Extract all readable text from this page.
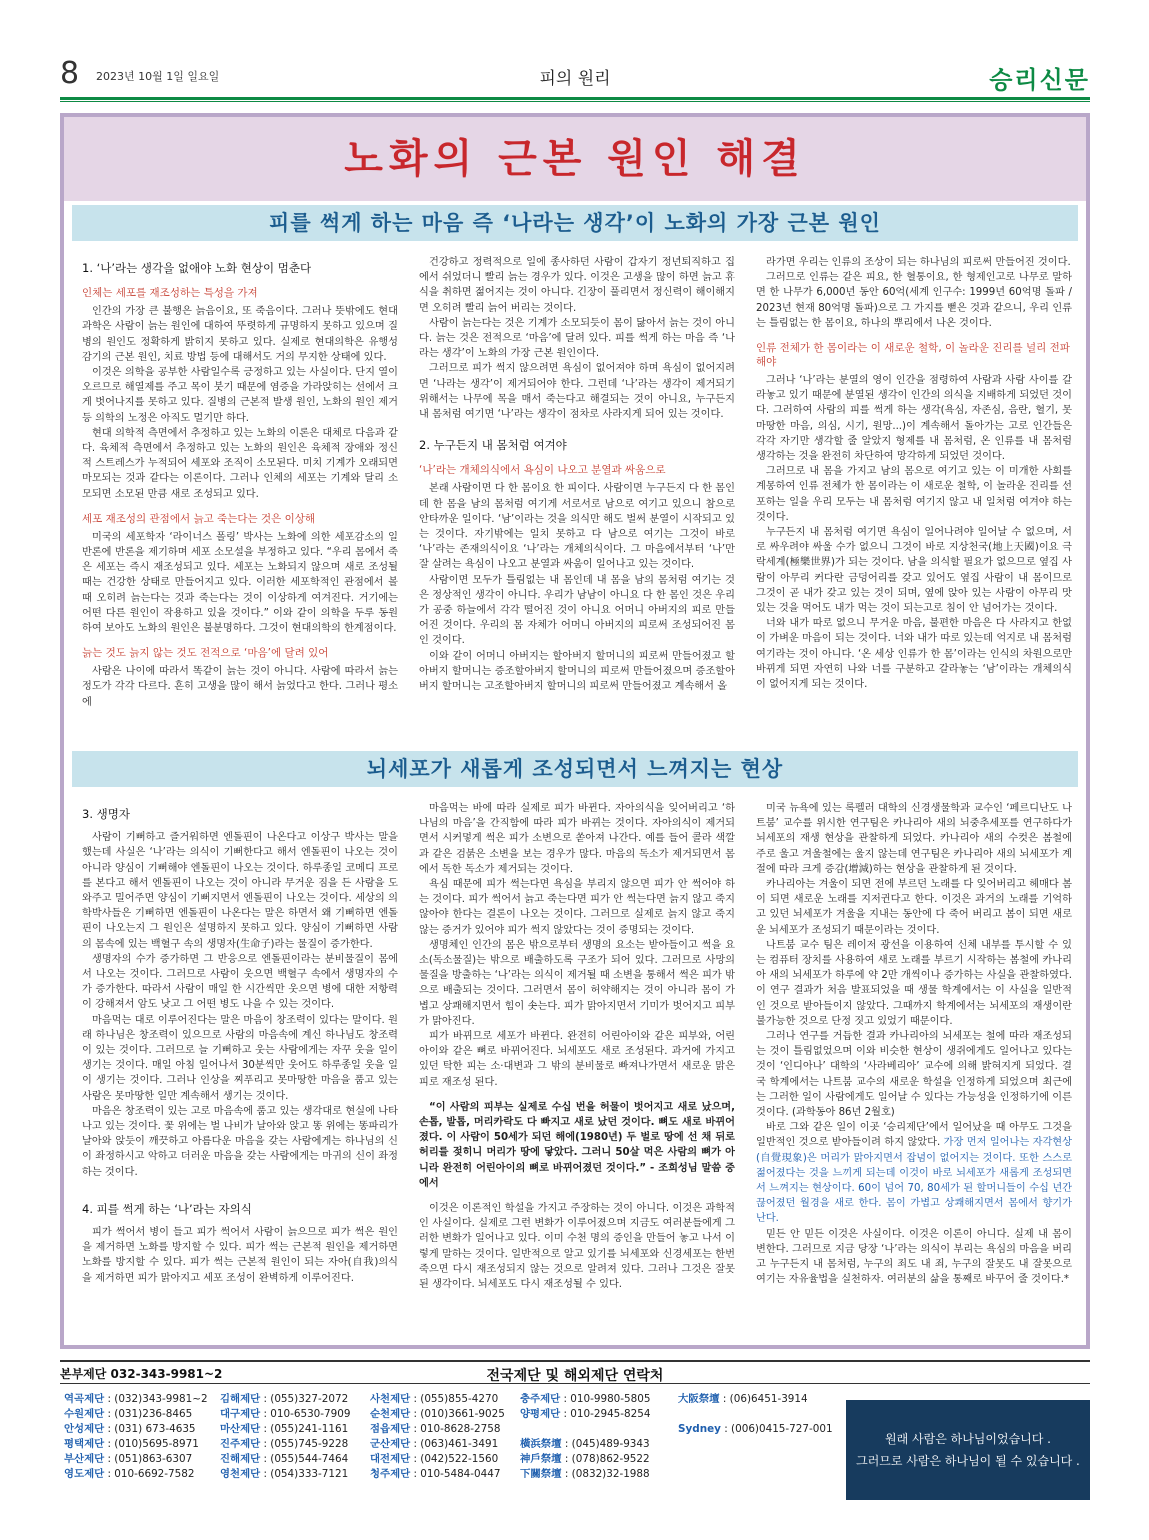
8 2023년 10월 1일 일요일	피의 원리	승리신문
노화의 근본 원인 해결
피를 썩게 하는 마음 즉 ‘나라는 생각’이 노화의 가장 근본 원인
1. ‘나’라는 생각을 없애야 노화 현상이 멈춘다
인체는 세포를 재조성하는 특성을 가져

인간의 가장 큰 불행은 늙음이요, 또 죽음이다. 그러나 뜻밖에도 현대 과학은 사람이 늙는 원인에 대하여 뚜렷하게 규명하지 못하고 있으며 질병의 원인도 정확하게 밝히지 못하고 있다. 실제로 현대의학은 유행성 감기의 근본 원인, 치료 방법 등에 대해서도 거의 무지한 상태에 있다.

이것은 의학을 공부한 사람일수록 긍정하고 있는 사실이다. 단지 열이 오르므로 해열제를 주고 목이 붓기 때문에 염증을 가라앉히는 선에서 크게 벗어나지를 못하고 있다. 질병의 근본적 발생 원인, 노화의 원인 제거 등 의학의 노정은 아직도 멀기만 하다.

현대 의학적 측면에서 추정하고 있는 노화의 이론은 대체로 다음과 같다. 육체적 측면에서 추정하고 있는 노화의 원인은 육체적 장애와 정신적 스트레스가 누적되어 세포와 조직이 소모된다. 미치 기계가 오래되면 마모되는 것과 같다는 이론이다. 그러나 인체의 세포는 기계와 달리 소모되면 소모된 만큼 새로 조성되고 있다.

세포 재조성의 관점에서 늙고 죽는다는 것은 이상해

미국의 세포학자 ‘라이너스 폴링’ 박사는 노화에 의한 세포감소의 일반론에 반론을 제기하며 세포 소모설을 부정하고 있다. “우리 몸에서 죽은 세포는 즉시 재조성되고 있다. 세포는 노화되지 않으며 새로 조성될 때는 건강한 상태로 만들어지고 있다. 이러한 세포학적인 관점에서 볼 때 오히려 늙는다는 것과 죽는다는 것이 이상하게 여겨진다. 거기에는 어떤 다른 원인이 작용하고 있을 것이다.” 이와 같이 의학을 두루 동원하여 보아도 노화의 원인은 불분명하다. 그것이 현대의학의 한계점이다.

늙는 것도 늙지 않는 것도 전적으로 ‘마음’에 달려 있어

사람은 나이에 따라서 똑같이 늙는 것이 아니다. 사람에 따라서 늙는 정도가 각각 다르다. 흔히 고생을 많이 해서 늙었다고 한다. 그러나 평소에

건강하고 정력적으로 일에 종사하던 사람이 갑자기 정년퇴직하고 집에서 쉬었더니 빨리 늙는 경우가 있다. 이것은 고생을 많이 하면 늙고 휴식을 취하면 젊어지는 것이 아니다. 긴장이 풀리면서 정신력이 해이해지면 오히려 빨리 늙어 버리는 것이다.

사람이 늙는다는 것은 기계가 소모되듯이 몸이 닳아서 늙는 것이 아니다. 늙는 것은 전적으로 ‘마음’에 달려 있다. 피를 썩게 하는 마음 즉 ‘나라는 생각’이 노화의 가장 근본 원인이다.

그러므로 피가 썩지 않으려면 욕심이 없어져야 하며 욕심이 없어지려면 ‘나라는 생각’이 제거되어야 한다. 그런데 ‘나’라는 생각이 제거되기 위해서는 나무에 목을 매서 죽는다고 해결되는 것이 아니요, 누구든지 내 몸처럼 여기면 ‘나’라는 생각이 점차로 사라지게 되어 있는 것이다.

2. 누구든지 내 몸처럼 여겨야
‘나’라는 개체의식에서 욕심이 나오고 분열과 싸움으로

본래 사람이면 다 한 몸이요 한 피이다. 사람이면 누구든지 다 한 몸인데 한 몸을 남의 몸처럼 여기게 서로서로 남으로 여기고 있으니 참으로 안타까운 일이다. ‘남’이라는 것을 의식만 해도 벌써 분열이 시작되고 있는 것이다. 자기밖에는 일치 못하고 다 남으로 여기는 그것이 바로 ‘나’라는 존재의식이요 ‘나’라는 개체의식이다. 그 마음에서부터 ‘나’만 잘 살려는 욕심이 나오고 분열과 싸움이 일어나고 있는 것이다.

사람이면 모두가 틀림없는 내 몸인데 내 몸을 남의 몸처럼 여기는 것은 정상적인 생각이 아니다. 우리가 남남이 아니요 다 한 몸인 것은 우리가 공중 하늘에서 각각 떨어진 것이 아니요 어머니 아버지의 피로 만들어진 것이다. 우리의 몸 자체가 어머니 아버지의 피로써 조성되어진 몸인 것이다.

이와 같이 어머니 아버지는 할아버지 할머니의 피로써 만들어졌고 할아버지 할머니는 증조할아버지 할머니의 피로써 만들어졌으며 증조할아버지 할머니는 고조할아버지 할머니의 피로써 만들어졌고 계속해서 올

라가면 우리는 인류의 조상이 되는 하나님의 피로써 만들어진 것이다.

그러므로 인류는 같은 피요, 한 혈통이요, 한 형제인고로 나무로 말하면 한 나무가 6,000년 동안 60억(세계 인구수: 1999년 60억명 돌파 / 2023년 현재 80억명 돌파)으로 그 가지를 뻗은 것과 같으니, 우리 인류는 틀림없는 한 몸이요, 하나의 뿌리에서 나온 것이다.

인류 전체가 한 몸이라는 이 새로운 철학, 이 놀라운 진리를 널리 전파해야

그러나 ‘나’라는 분열의 영이 인간을 점령하여 사람과 사람 사이를 갈라놓고 있기 때문에 분열된 생각이 인간의 의식을 지배하게 되었던 것이다. 그러하여 사람의 피를 썩게 하는 생각(욕심, 자존심, 음란, 혈기, 못마땅한 마음, 의심, 시기, 원망...)이 계속해서 돌아가는 고로 인간들은 각각 자기만 생각할 줄 알았지 형제를 내 몸처럼, 온 인류를 내 몸처럼 생각하는 것을 완전히 차단하여 망각하게 되었던 것이다.

그러므로 내 몸을 가지고 남의 몸으로 여기고 있는 이 미개한 사회를 계몽하여 인류 전체가 한 몸이라는 이 새로운 철학, 이 놀라운 진리를 선포하는 일을 우리 모두는 내 몸처럼 여기지 않고 내 일처럼 여겨야 하는 것이다.

누구든지 내 몸처럼 여기면 욕심이 일어나려야 일어날 수 없으며, 서로 싸우려야 싸울 수가 없으니 그것이 바로 지상천국(地上天國)이요 극락세계(極樂世界)가 되는 것이다. 남을 의식할 필요가 없으므로 옆집 사람이 아무리 커다란 금덩어리를 갖고 있어도 옆집 사람이 내 몸이므로 그것이 곧 내가 갖고 있는 것이 되며, 옆에 앉아 있는 사람이 아무리 맛있는 것을 먹어도 내가 먹는 것이 되는고로 침이 안 넘어가는 것이다.

너와 내가 따로 없으니 무거운 마음, 불편한 마음은 다 사라지고 한없이 가벼운 마음이 되는 것이다. 너와 내가 따로 있는데 억지로 내 몸처럼 여기라는 것이 아니다. ‘온 세상 인류가 한 몸’이라는 인식의 차원으로만 바뀌게 되면 자연히 나와 너를 구분하고 갈라놓는 ‘남’이라는 개체의식이 없어지게 되는 것이다.

뇌세포가 새롭게 조성되면서 느껴지는 현상
3. 생명자

사람이 기뻐하고 즐거워하면 엔돌핀이 나온다고 이상구 박사는 말을 했는데 사실은 ‘나’라는 의식이 기뻐한다고 해서 엔돌핀이 나오는 것이 아니라 양심이 기뻐해야 엔돌핀이 나오는 것이다. 하루종일 코메디 프로를 본다고 해서 엔돌핀이 나오는 것이 아니라 무거운 짐을 든 사람을 도와주고 밀어주면 양심이 기뻐지면서 엔돌핀이 나오는 것이다. 세상의 의학박사들은 기뻐하면 엔돌핀이 나온다는 말은 하면서 왜 기뻐하면 엔돌핀이 나오는지 그 원인은 설명하지 못하고 있다. 양심이 기뻐하면 사람의 몸속에 있는 백혈구 속의 생명자(生命子)라는 물질이 증가한다.

생명자의 수가 증가하면 그 반응으로 엔돌핀이라는 분비물질이 몸에서 나오는 것이다. 그러므로 사람이 웃으면 백혈구 속에서 생명자의 수가 증가한다. 따라서 사람이 매일 한 시간씩만 웃으면 병에 대한 저항력이 강해져서 암도 낫고 그 어떤 병도 나을 수 있는 것이다.

마음먹는 대로 이루어진다는 말은 마음이 창조력이 있다는 말이다. 원래 하나님은 창조력이 있으므로 사람의 마음속에 계신 하나님도 창조력이 있는 것이다. 그러므로 늘 기뻐하고 웃는 사람에게는 자꾸 웃을 일이 생기는 것이다. 매일 아침 일어나서 30분씩만 웃어도 하루종일 웃을 일이 생기는 것이다. 그러나 인상을 찌푸리고 못마땅한 마음을 품고 있는 사람은 못마땅한 일만 계속해서 생기는 것이다.

마음은 창조력이 있는 고로 마음속에 품고 있는 생각대로 현실에 나타나고 있는 것이다. 꽃 위에는 벌 나비가 날아와 앉고 똥 위에는 똥파리가 날아와 앉듯이 깨끗하고 아름다운 마음을 갖는 사람에게는 하나님의 신이 좌정하시고 악하고 더러운 마음을 갖는 사람에게는 마귀의 신이 좌정하는 것이다.

4. 피를 썩게 하는 ‘나’라는 자의식

피가 썩어서 병이 들고 피가 썩어서 사람이 늙으므로 피가 썩은 원인을 제거하면 노화를 방지할 수 있다. 피가 썩는 근본적 원인을 제거하면 노화를 방지할 수 있다. 피가 썩는 근본적 원인이 되는 자아(自我)의식을 제거하면 피가 맑아지고 세포 조성이 완벽하게 이루어진다.

마음먹는 바에 따라 실제로 피가 바뀐다. 자아의식을 잊어버리고 ‘하나님의 마음’을 간직함에 따라 피가 바뀌는 것이다. 자아의식이 제거되면서 시커멓게 썩은 피가 소변으로 쏟아져 나간다. 예를 들어 콜라 색깔과 같은 검붉은 소변을 보는 경우가 많다. 마음의 독소가 제거되면서 몸에서 독한 독소가 제거되는 것이다.

욕심 때문에 피가 썩는다면 욕심을 부리지 않으면 피가 안 썩어야 하는 것이다. 피가 썩어서 늙고 죽는다면 피가 안 썩는다면 늙지 않고 죽지 않아야 한다는 결론이 나오는 것이다. 그러므로 실제로 늙지 않고 죽지 않는 증거가 있어야 피가 썩지 않았다는 것이 증명되는 것이다.

생명체인 인간의 몸은 밖으로부터 생명의 요소는 받아들이고 썩을 요소(독소물질)는 밖으로 배출하도록 구조가 되어 있다. 그러므로 사망의 물질을 방출하는 ‘나’라는 의식이 제거될 때 소변을 통해서 썩은 피가 밖으로 배출되는 것이다. 그러면서 몸이 허약해지는 것이 아니라 몸이 가볍고 상쾌해지면서 힘이 솟는다. 피가 맑아지면서 기미가 벗어지고 피부가 맑아진다.

피가 바뀌므로 세포가 바뀐다. 완전히 어린아이와 같은 피부와, 어린아이와 같은 뼈로 바뀌어진다. 뇌세포도 새로 조성된다. 과거에 가지고 있던 탁한 피는 소·대변과 그 밖의 분비물로 빠져나가면서 새로운 맑은 피로 재조성 된다.

“이 사람의 피부는 실제로 수십 번을 허물이 벗어지고 새로 났으며, 손톱, 발톱, 머리카락도 다 빠지고 새로 났던 것이다. 뼈도 새로 바뀌어졌다. 이 사람이 50세가 되던 해에(1980년) 두 벌로 땅에 선 채 뒤로 허리를 젖히니 머리가 땅에 닿았다. 그러니 50살 먹은 사람의 뼈가 아니라 완전히 어린아이의 뼈로 바뀌어졌던 것이다.” - 조희성님 말씀 중에서

이것은 이론적인 학설을 가지고 주장하는 것이 아니다. 이것은 과학적인 사실이다. 실제로 그런 변화가 이루어졌으며 지금도 여러분들에게 그러한 변화가 일어나고 있다. 이미 수천 명의 증인을 만들어 놓고 나서 이렇게 말하는 것이다. 일반적으로 알고 있기를 뇌세포와 신경세포는 한번 죽으면 다시 재조성되지 않는 것으로 알려져 있다. 그러나 그것은 잘못된 생각이다. 뇌세포도 다시 재조성될 수 있다.

미국 뉴욕에 있는 록펠러 대학의 신경생물학과 교수인 ‘페르디난도 나트붐’ 교수를 위시한 연구팀은 카나리아 새의 뇌중추세포를 연구하다가 뇌세포의 재생 현상을 관찰하게 되었다. 카나리아 새의 수컷은 봄철에 주로 울고 겨울철에는 울지 않는데 연구팀은 카나리아 새의 뇌세포가 계절에 따라 크게 증감(增減)하는 현상을 관찰하게 된 것이다.

카나리아는 겨울이 되면 전에 부르던 노래를 다 잊어버리고 헤매다 봄이 되면 새로운 노래를 지저귄다고 한다. 이것은 과거의 노래를 기억하고 있던 뇌세포가 겨울을 지내는 동안에 다 죽어 버리고 봄이 되면 새로운 뇌세포가 조성되기 때문이라는 것이다.

나트붐 교수 팀은 레이저 광선을 이용하여 신체 내부를 투시할 수 있는 컴퓨터 장치를 사용하여 새로 노래를 부르기 시작하는 봄철에 카나리아 새의 뇌세포가 하루에 약 2만 개씩이나 증가하는 사실을 관찰하였다. 이 연구 결과가 처음 발표되었을 때 생물 학계에서는 이 사실을 일반적인 것으로 받아들이지 않았다. 그때까지 학계에서는 뇌세포의 재생이란 불가능한 것으로 단정 짓고 있었기 때문이다.

그러나 연구를 거듭한 결과 카나리아의 뇌세포는 철에 따라 재조성되는 것이 틀림없었으며 이와 비슷한 현상이 생쥐에게도 일어나고 있다는 것이 ‘인디아나’ 대학의 ‘사라베리아’ 교수에 의해 밝혀지게 되었다. 결국 학계에서는 나트붐 교수의 새로운 학설을 인정하게 되었으며 최근에는 그러한 일이 사람에게도 일어날 수 있다는 가능성을 인정하기에 이른 것이다. (과학동아 86년 2월호)

바로 그와 같은 일이 이곳 ‘승리제단’에서 일어났을 때 아무도 그것을 일반적인 것으로 받아들이려 하지 않았다. 가장 먼저 일어나는 자각현상(自覺現象)은 머리가 맑아지면서 잡념이 없어지는 것이다. 또한 스스로 젊어졌다는 것을 느끼게 되는데 이것이 바로 뇌세포가 새롭게 조성되면서 느껴지는 현상이다. 60이 넘어 70, 80세가 된 할머니들이 수십 년간 끊어졌던 월경을 새로 한다. 몸이 가볍고 상쾌해지면서 몸에서 향기가 난다.

믿든 안 믿든 이것은 사실이다. 이것은 이론이 아니다. 실제 내 몸이 변한다. 그러므로 지금 당장 ‘나’라는 의식이 부리는 욕심의 마음을 버리고 누구든지 내 몸처럼, 누구의 죄도 내 죄, 누구의 잘못도 내 잘못으로 여기는 자유율법을 실천하자. 여러분의 삶을 통째로 바꾸어 줄 것이다.*

본부제단 032-343-9981~2	전국제단 및 해외제단 연락처
역곡제단 : (032)343-9981~2
수원제단 : (031)236-8465
안성제단 : (031) 673-4635
평택제단 : (010)5695-8971
부산제단 : (051)863-6307
영도제단 : 010-6692-7582
김해제단 : (055)327-2072
대구제단 : 010-6530-7909
마산제단 : (055)241-1161
진주제단 : (055)745-9228
진해제단 : (055)544-7464
영천제단 : (054)333-7121
사천제단 : (055)855-4270
순천제단 : (010)3661-9025
점읍제단 : 010-8628-2758
군산제단 : (063)461-3491
대전제단 : (042)522-1560
청주제단 : 010-5484-0447
충주제단 : 010-9980-5805
양평제단 : 010-2945-8254

橫浜祭壇 : (045)489-9343
神戶祭壇 : (078)862-9522
下關祭壇 : (0832)32-1988
大阪祭壇 : (06)6451-3914

Sydney : (006)0415-727-001
원래 사람은 하나님이었습니다 .
그러므로 사람은 하나님이 될 수 있습니다 .
